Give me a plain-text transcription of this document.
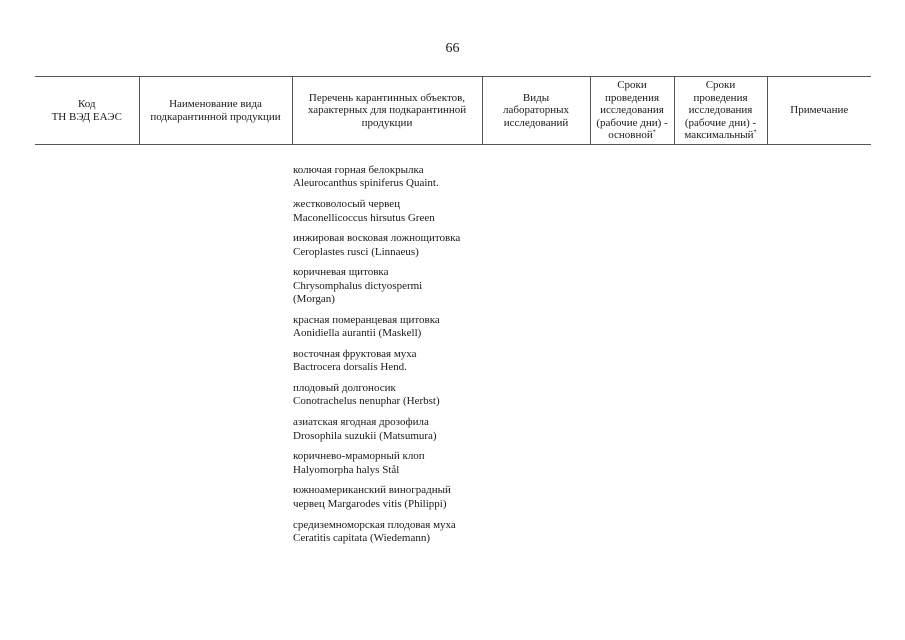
66
Код
ТН ВЭД ЕАЭС

Наименование вида
подкарантинной продукции

Перечень карантинных объектов,
характерных для подкарантинной
продукции

Виды
лабораторных
исследований

Сроки
проведения
исследования
(рабочие дни) -
основной*

Сроки
проведения
исследования
(рабочие дни) -
максимальный*

Примечание
колючая горная белокрылка
Aleurocanthus spiniferus Quaint.
жестковолосый червец
Maconellicoccus hirsutus Green
инжировая восковая ложнощитовка
Ceroplastes rusci (Linnaeus)
коричневая щитовка
Chrysomphalus dictyospermi
(Morgan)
красная померанцевая щитовка
Aonidiella aurantii (Maskell)
восточная фруктовая муха
Bactrocera dorsalis Hend.
плодовый долгоносик
Conotrachelus nenuphar (Herbst)
азиатская ягодная дрозофила
Drosophila suzukii (Matsumura)
коричнево-мраморный клоп
Halyomorpha halys Stål
южноамериканский виноградный
червец Margarodes vitis (Philippi)
средиземноморская плодовая муха
Ceratitis capitata (Wiedemann)
